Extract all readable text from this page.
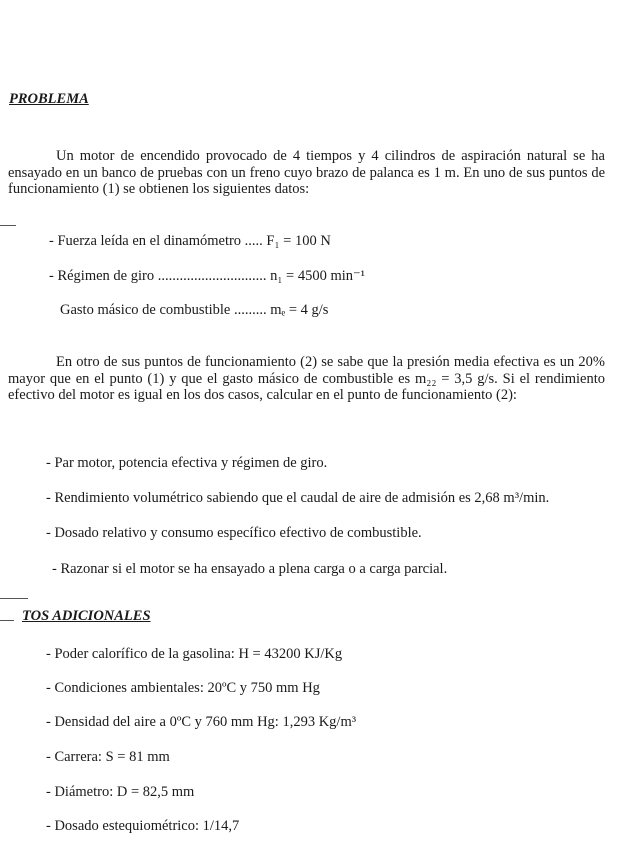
PROBLEMA
Un motor de encendido provocado de 4 tiempos y 4 cilindros de aspiración natural se ha ensayado en un banco de pruebas con un freno cuyo brazo de palanca es 1 m. En uno de sus puntos de funcionamiento (1) se obtienen los siguientes datos:
- Fuerza leída en el dinamómetro ..... F₁ = 100 N
- Régimen de giro .............................. n₁ = 4500 min⁻¹
Gasto másico de combustible ......... mₑ = 4 g/s
En otro de sus puntos de funcionamiento (2) se sabe que la presión media efectiva es un 20% mayor que en el punto (1) y que el gasto másico de combustible es m₂₂ = 3,5 g/s. Si el rendimiento efectivo del motor es igual en los dos casos, calcular en el punto de funcionamiento (2):
- Par motor, potencia efectiva y régimen de giro.
- Rendimiento volumétrico sabiendo que el caudal de aire de admisión es 2,68 m³/min.
- Dosado relativo y consumo específico efectivo de combustible.
- Razonar si el motor se ha ensayado a plena carga o a carga parcial.
TOS ADICIONALES
- Poder calorífico de la gasolina: H = 43200 KJ/Kg
- Condiciones ambientales: 20ºC y 750 mm Hg
- Densidad del aire a 0ºC y 760 mm Hg: 1,293 Kg/m³
- Carrera: S = 81 mm
- Diámetro: D = 82,5 mm
- Dosado estequiométrico: 1/14,7
